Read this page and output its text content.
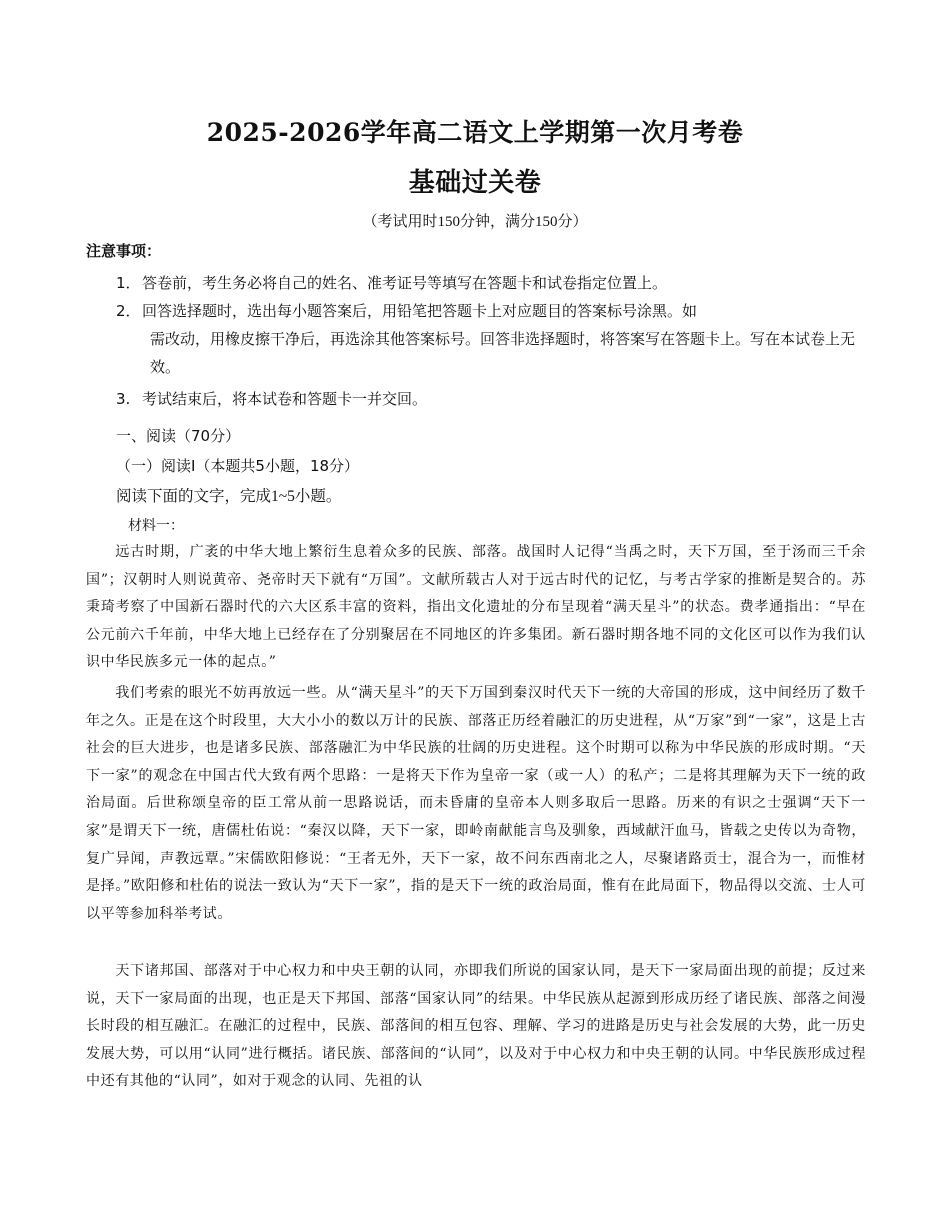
2025-2026学年高二语文上学期第一次月考卷
基础过关卷

（考试用时150分钟，满分150分）

注意事项：

1．答卷前，考生务必将自己的姓名、准考证号等填写在答题卡和试卷指定位置上。

2．回答选择题时，选出每小题答案后，用铅笔把答题卡上对应题目的答案标号涂黑。如
需改动，用橡皮擦干净后，再选涂其他答案标号。回答非选择题时，将答案写在答题卡上。写在本试卷上无效。

3. 考试结束后，将本试卷和答题卡一并交回。

一、阅读（70分）

（一）阅读Ⅰ（本题共5小题，18分）

阅读下面的文字，完成1~5小题。

材料一：

远古时期，广袤的中华大地上繁衍生息着众多的民族、部落。战国时人记得“当禹之时，天下万国，至于汤而三千余国”；汉朝时人则说黄帝、尧帝时天下就有“万国”。文献所载古人对于远古时代的记忆，与考古学家的推断是契合的。苏秉琦考察了中国新石器时代的六大区系丰富的资料，指出文化遗址的分布呈现着“满天星斗”的状态。费孝通指出：“早在公元前六千年前，中华大地上已经存在了分别聚居在不同地区的许多集团。新石器时期各地不同的文化区可以作为我们认识中华民族多元一体的起点。”

我们考索的眼光不妨再放远一些。从“满天星斗”的天下万国到秦汉时代天下一统的大帝国的形成，这中间经历了数千年之久。正是在这个时段里，大大小小的数以万计的民族、部落正历经着融汇的历史进程，从“万家”到“一家”，这是上古社会的巨大进步，也是诸多民族、部落融汇为中华民族的壮阔的历史进程。这个时期可以称为中华民族的形成时期。“天下一家”的观念在中国古代大致有两个思路：一是将天下作为皇帝一家（或一人）的私产；二是将其理解为天下一统的政治局面。后世称颂皇帝的臣工常从前一思路说话，而未昏庸的皇帝本人则多取后一思路。历来的有识之士强调“天下一家”是谓天下一统，唐儒杜佑说：“秦汉以降，天下一家，即岭南献能言鸟及驯象，西域献汗血马，皆载之史传以为奇物，复广异闻，声教远覃。”宋儒欧阳修说：“王者无外，天下一家，故不问东西南北之人，尽聚诸路贡士，混合为一，而惟材是择。”欧阳修和杜佑的说法一致认为“天下一家”，指的是天下一统的政治局面，惟有在此局面下，物品得以交流、士人可以平等参加科举考试。

天下诸邦国、部落对于中心权力和中央王朝的认同，亦即我们所说的国家认同，是天下一家局面出现的前提；反过来说，天下一家局面的出现，也正是天下邦国、部落“国家认同”的结果。中华民族从起源到形成历经了诸民族、部落之间漫长时段的相互融汇。在融汇的过程中，民族、部落间的相互包容、理解、学习的进路是历史与社会发展的大势，此一历史发展大势，可以用“认同”进行概括。诸民族、部落间的“认同”，以及对于中心权力和中央王朝的认同。中华民族形成过程中还有其他的“认同”，如对于观念的认同、先祖的认
